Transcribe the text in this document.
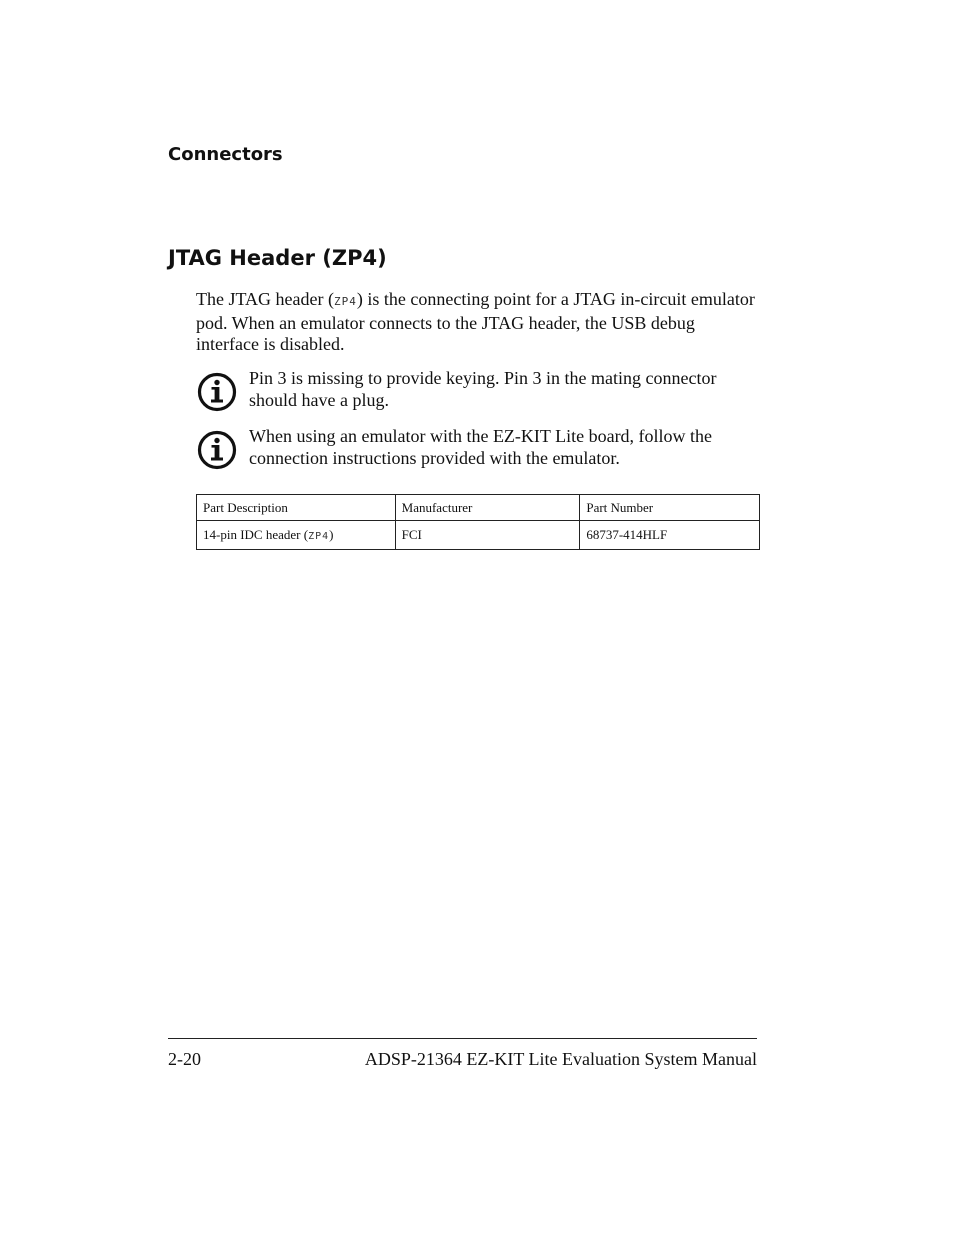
Connectors
JTAG Header (ZP4)
The JTAG header (ZP4) is the connecting point for a JTAG in-circuit emulator pod. When an emulator connects to the JTAG header, the USB debug interface is disabled.
Pin 3 is missing to provide keying. Pin 3 in the mating connector should have a plug.
When using an emulator with the EZ-KIT Lite board, follow the connection instructions provided with the emulator.
Part Description	Manufacturer	Part Number
14-pin IDC header (ZP4)	FCI	68737-414HLF
2-20	ADSP-21364 EZ-KIT Lite Evaluation System Manual
